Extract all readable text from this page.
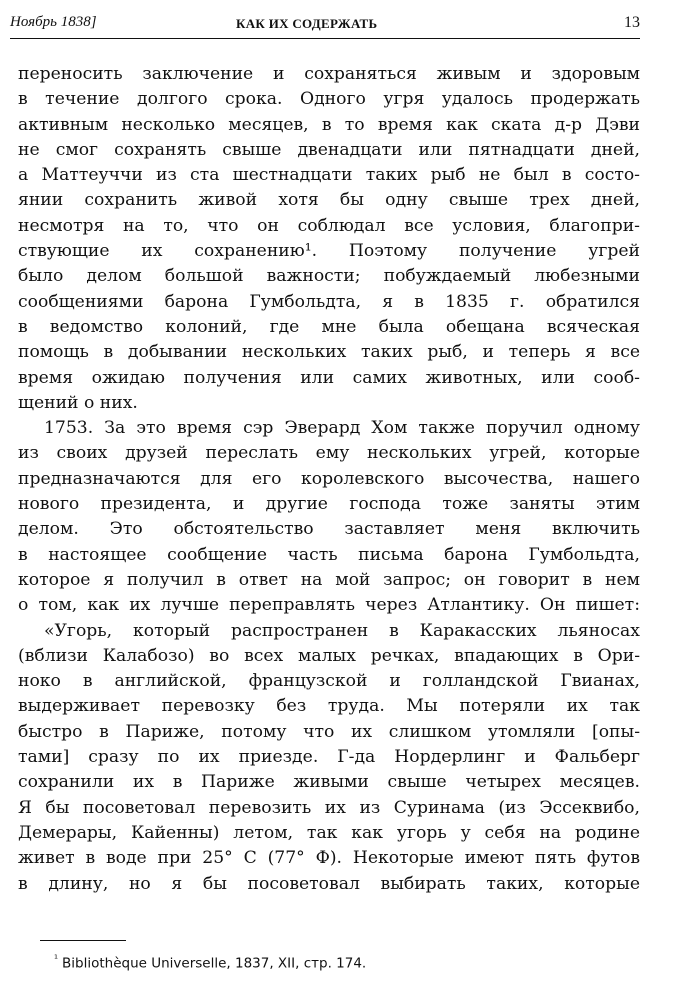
Ноябрь 1838]	КАК ИХ СОДЕРЖАТЬ	13
переносить заключение и сохраняться живым и здоровым
в течение долгого срока. Одного угря удалось продержать
активным несколько месяцев, в то время как ската д-р Дэви
не смог сохранять свыше двенадцати или пятнадцати дней,
а Маттеуччи из ста шестнадцати таких рыб не был в состо-
янии сохранить живой хотя бы одну свыше трех дней,
несмотря на то, что он соблюдал все условия, благопри-
ствующие их сохранению¹. Поэтому получение угрей
было делом большой важности; побуждаемый любезными
сообщениями барона Гумбольдта, я в 1835 г. обратился
в ведомство колоний, где мне была обещана всяческая
помощь в добывании нескольких таких рыб, и теперь я все
время ожидаю получения или самих животных, или сооб-
щений о них.
1753. За это время сэр Эверард Хом также поручил одному
из своих друзей переслать ему нескольких угрей, которые
предназначаются для его королевского высочества, нашего
нового президента, и другие господа тоже заняты этим
делом. Это обстоятельство заставляет меня включить
в настоящее сообщение часть письма барона Гумбольдта,
которое я получил в ответ на мой запрос; он говорит в нем
о том, как их лучше переправлять через Атлантику. Он пишет:
«Угорь, который распространен в Каракасских льяносах
(вблизи Калабозо) во всех малых речках, впадающих в Ори-
ноко в английской, французской и голландской Гвианах,
выдерживает перевозку без труда. Мы потеряли их так
быстро в Париже, потому что их слишком утомляли [опы-
тами] сразу по их приезде. Г-да Нордерлинг и Фальберг
сохранили их в Париже живыми свыше четырех месяцев.
Я бы посоветовал перевозить их из Суринама (из Эссеквибо,
Демерары, Кайенны) летом, так как угорь у себя на родине
живет в воде при 25° С (77° Ф). Некоторые имеют пять футов
в длину, но я бы посоветовал выбирать таких, которые
$^{^1}$ Bibliothèque Universelle, 1837, XII, стр. 174.
